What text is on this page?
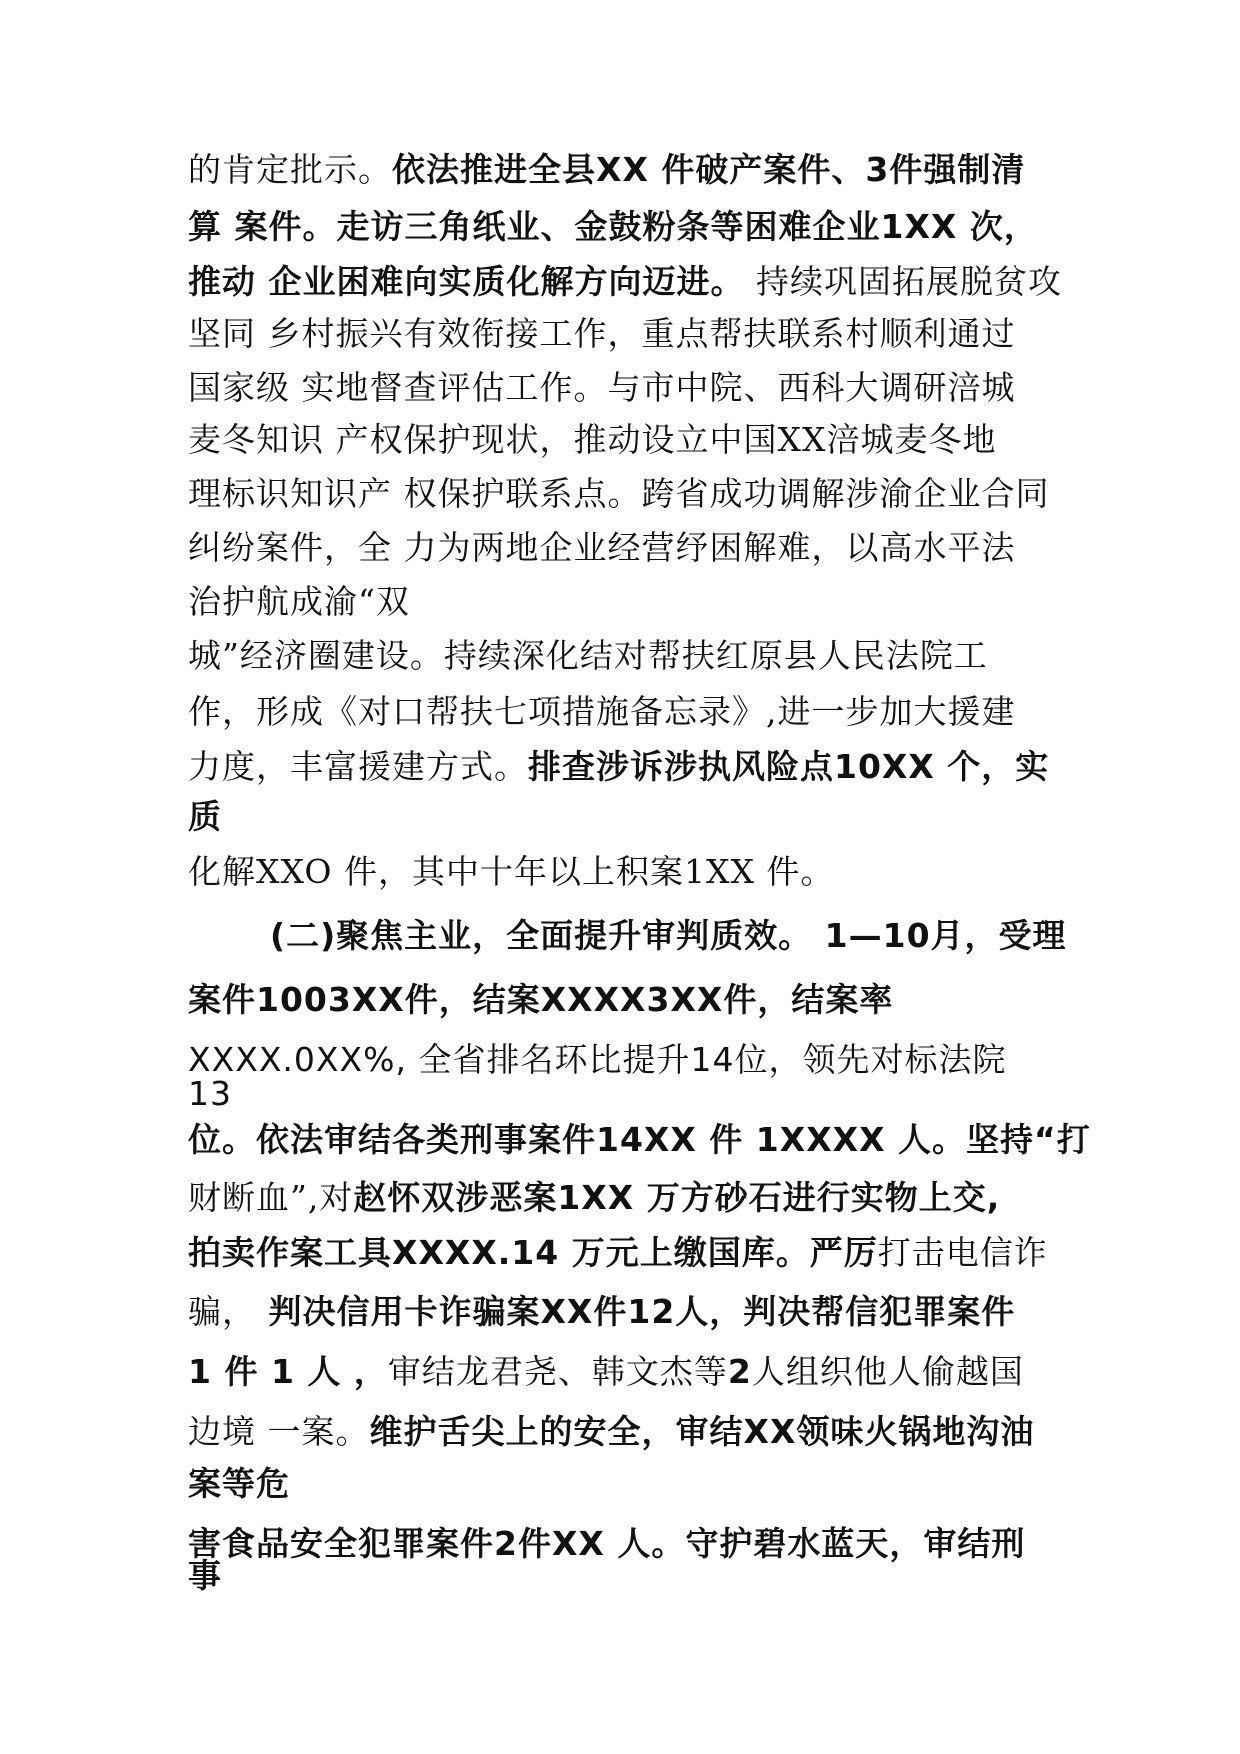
的肯定批示。依法推进全县XX 件破产案件、3件强制清
算 案件。走访三角纸业、金鼓粉条等困难企业1XX 次，
推动 企业困难向实质化解方向迈进。 持续巩固拓展脱贫攻
坚同 乡村振兴有效衔接工作，重点帮扶联系村顺利通过
国家级 实地督查评估工作。与市中院、西科大调研涪城
麦冬知识 产权保护现状，推动设立中国XX涪城麦冬地
理标识知识产 权保护联系点。跨省成功调解涉渝企业合同
纠纷案件，全 力为两地企业经营纾困解难，以高水平法
治护航成渝“双
城”经济圈建设。持续深化结对帮扶红原县人民法院工
作，形成《对口帮扶七项措施备忘录》,进一步加大援建
力度，丰富援建方式。排查涉诉涉执风险点10XX 个，实
质
化解XXO 件，其中十年以上积案1XX 件。
(二)聚焦主业，全面提升审判质效。 1—10月，受理
案件1003XX件，结案XXXX3XX件，结案率
XXXX.0XX%, 全省排名环比提升14位，领先对标法院
13
位。依法审结各类刑事案件14XX 件 1XXXX 人。坚持“打
财断血”,对赵怀双涉恶案1XX 万方砂石进行实物上交,
拍卖作案工具XXXX.14 万元上缴国库。严厉打击电信诈
骗， 判决信用卡诈骗案XX件12人，判决帮信犯罪案件
1 件 1 人 ，审结龙君尧、韩文杰等2人组织他人偷越国
边境 一案。维护舌尖上的安全，审结XX领味火锅地沟油
案等危
害食品安全犯罪案件2件XX 人。守护碧水蓝天，审结刑
事
